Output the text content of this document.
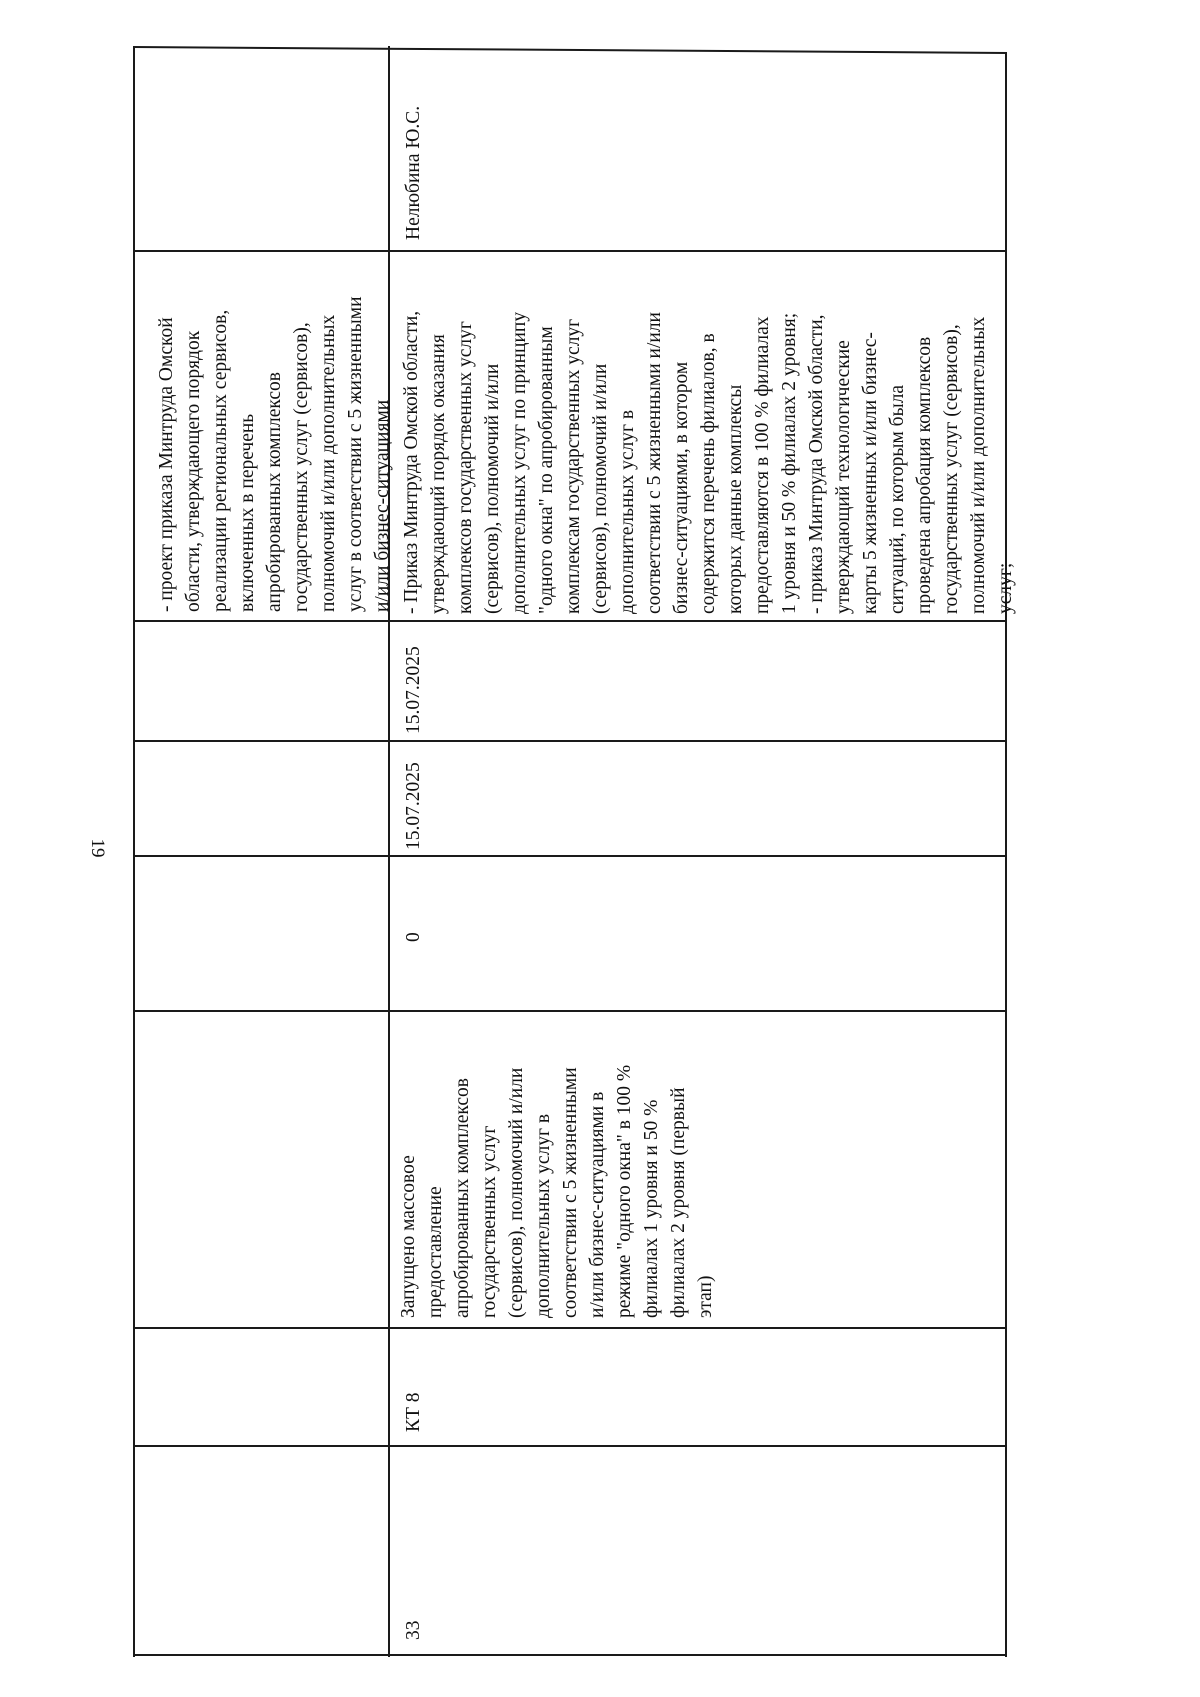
19
- проект приказа Минтруда Омской области, утверждающего порядок реализации региональных сервисов, включенных в перечень апробированных комплексов государственных услуг (сервисов), полномочий и/или дополнительных услуг в соответствии с 5 жизненными и/или бизнес-ситуациями
Нелюбина Ю.С.
33
КТ 8
Запущено массовое предоставление апробированных комплексов государственных услуг (сервисов), полномочий и/или дополнительных услуг в соответствии с 5 жизненными и/или бизнес-ситуациями в режиме "одного окна" в 100 % филиалах 1 уровня и 50 % филиалах 2 уровня (первый этап)
0
15.07.2025
15.07.2025
- Приказ Минтруда Омской области, утверждающий порядок оказания комплексов государственных услуг (сервисов), полномочий и/или дополнительных услуг по принципу "одного окна" по апробированным комплексам государственных услуг (сервисов), полномочий и/или дополнительных услуг в соответствии с 5 жизненными и/или бизнес-ситуациями, в котором содержится перечень филиалов, в которых данные комплексы предоставляются в 100 % филиалах 1 уровня и 50 % филиалах 2 уровня; - приказ Минтруда Омской области, утверждающий технологические карты 5 жизненных и/или бизнес- ситуаций, по которым была проведена апробация комплексов государственных услуг (сервисов), полномочий и/или дополнительных услуг;
